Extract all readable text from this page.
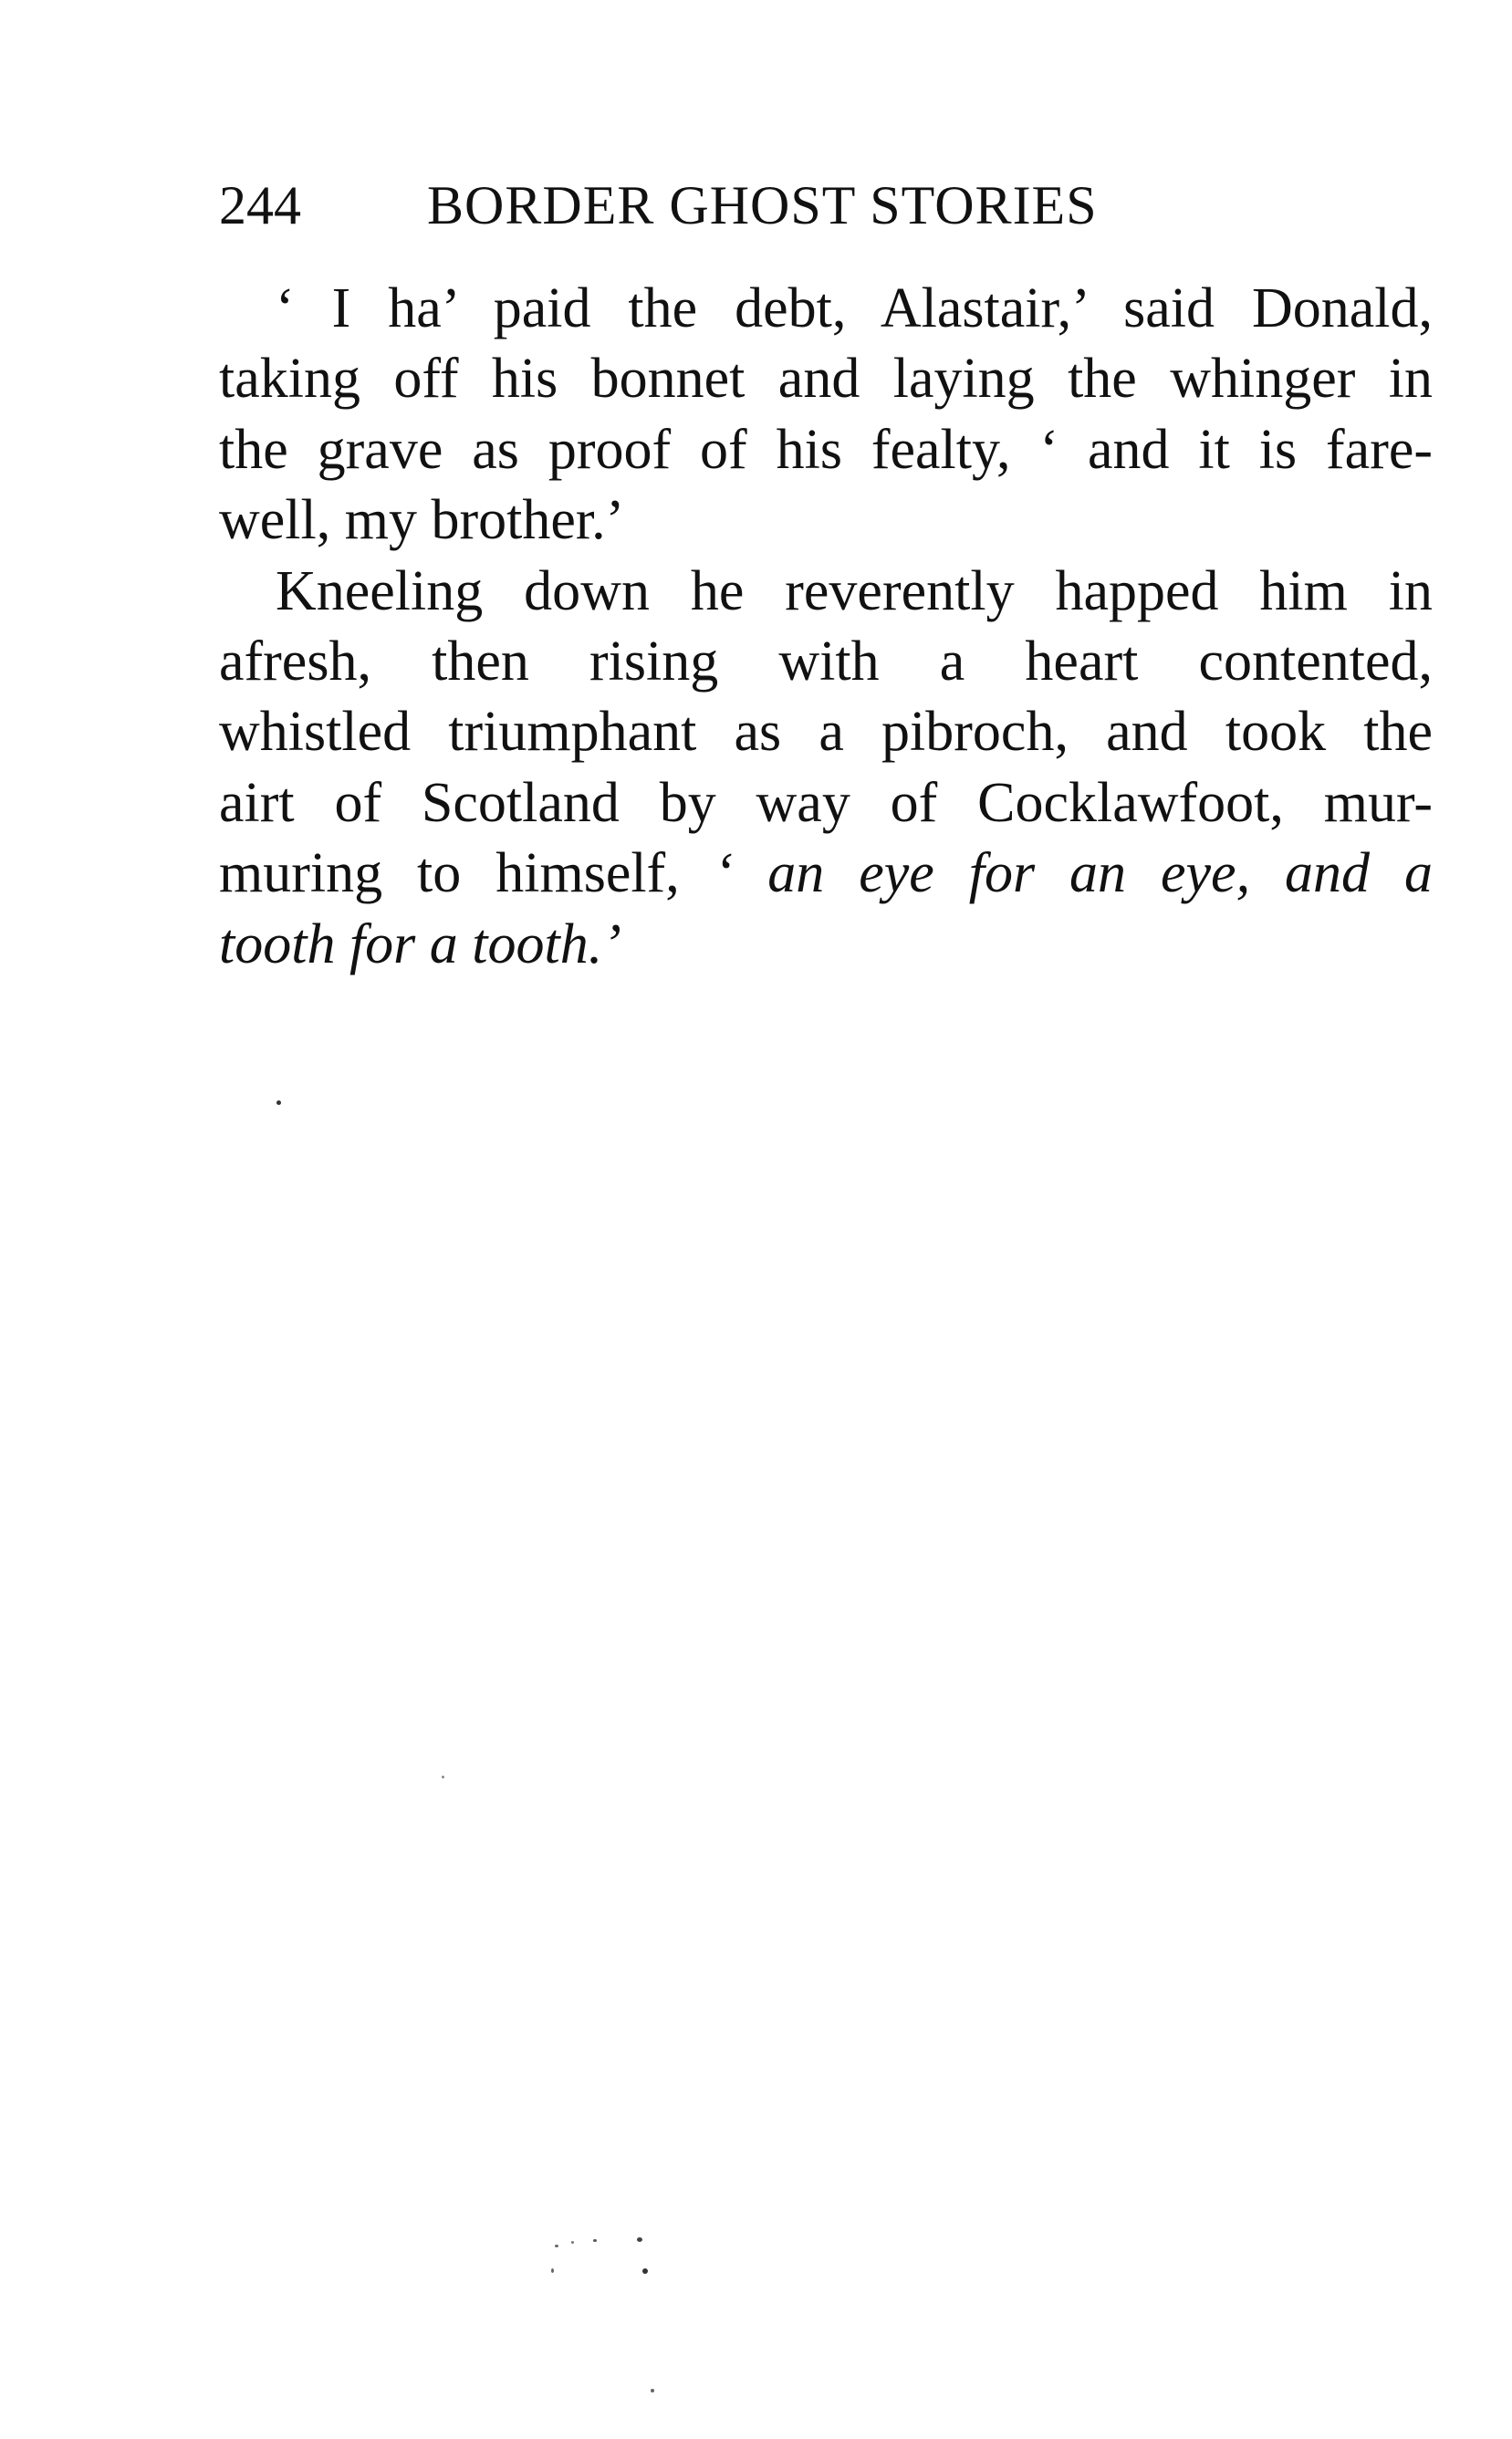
244 BORDER GHOST STORIES
‘ I ha’ paid the debt, Alastair,’ said Donald,
taking off his bonnet and laying the whinger in
the grave as proof of his fealty, ‘ and it is fare-
well, my brother.’
Kneeling down he reverently happed him in
afresh, then rising with a heart contented,
whistled triumphant as a pibroch, and took the
airt of Scotland by way of Cocklawfoot, mur-
muring to himself, ‘ an eye for an eye, and a
tooth for a tooth.’
